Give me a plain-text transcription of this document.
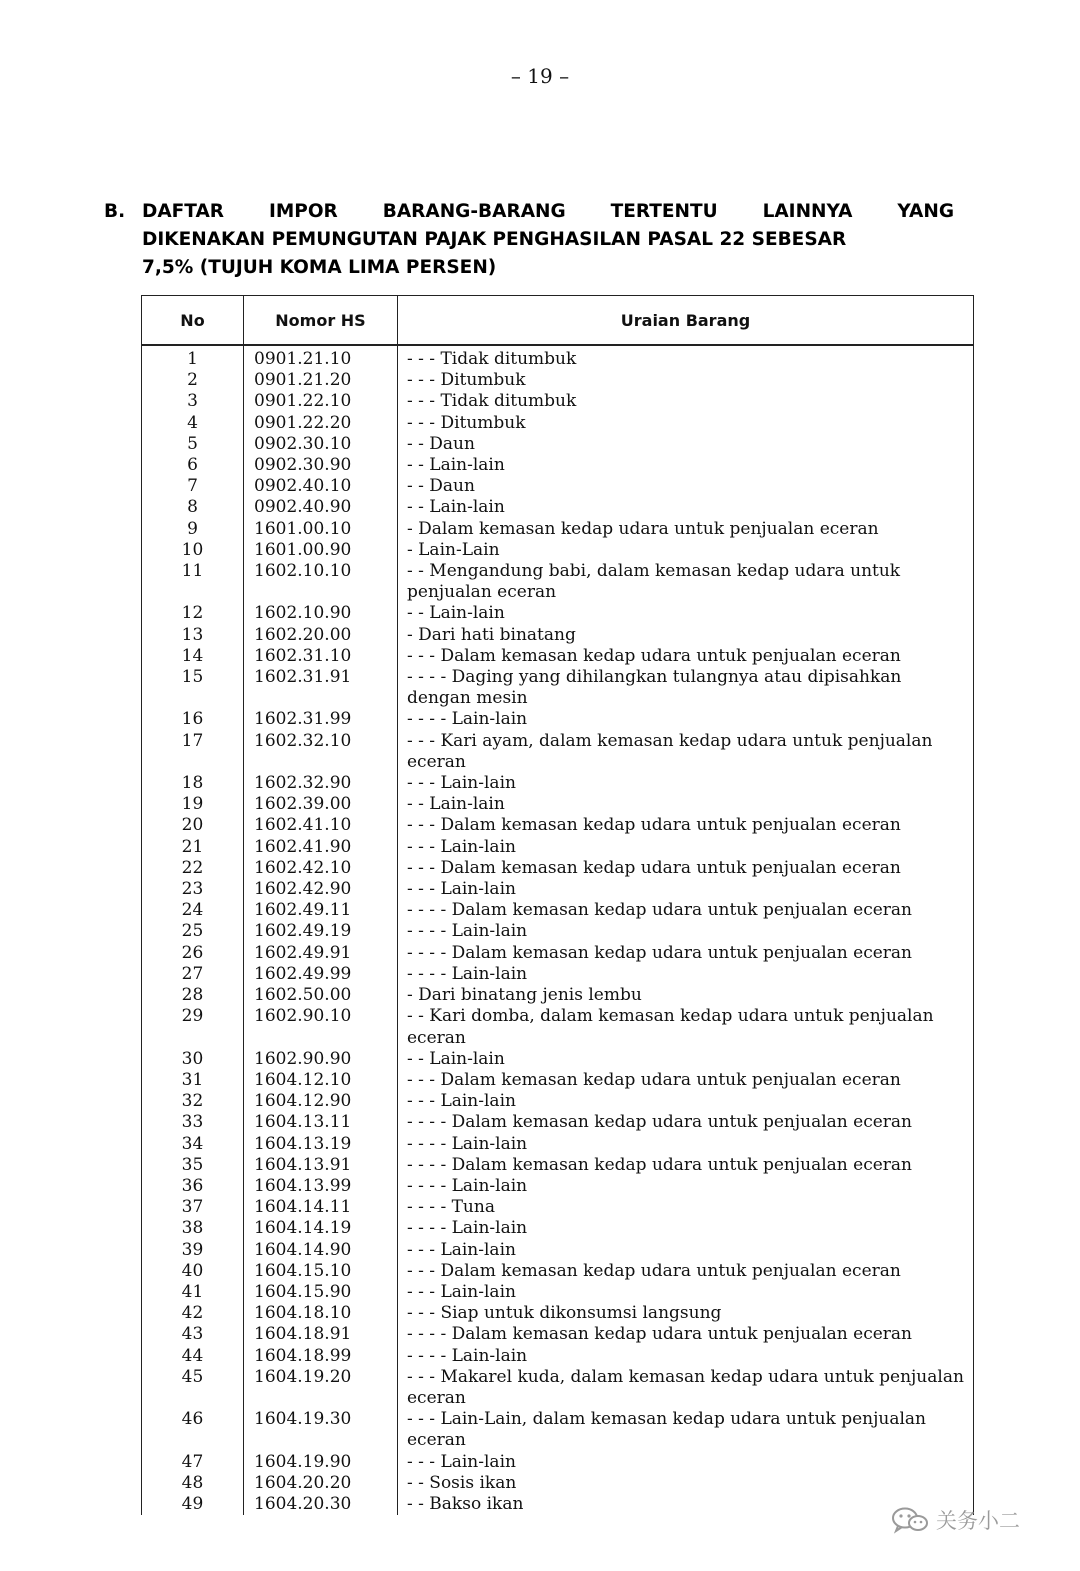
– 19 –
B. DAFTAR IMPOR BARANG-BARANG TERTENTU LAINNYA YANG
DIKENAKAN PEMUNGUTAN PAJAK PENGHASILAN PASAL 22 SEBESAR
7,5% (TUJUH KOMA LIMA PERSEN)
No	Nomor HS	Uraian Barang
1	0901.21.10	- - - Tidak ditumbuk
2	0901.21.20	- - - Ditumbuk
3	0901.22.10	- - - Tidak ditumbuk
4	0901.22.20	- - - Ditumbuk
5	0902.30.10	- - Daun
6	0902.30.90	- - Lain-lain
7	0902.40.10	- - Daun
8	0902.40.90	- - Lain-lain
9	1601.00.10	- Dalam kemasan kedap udara untuk penjualan eceran
10	1601.00.90	- Lain-Lain
11	1602.10.10	- - Mengandung babi, dalam kemasan kedap udara untuk penjualan eceran
12	1602.10.90	- - Lain-lain
13	1602.20.00	- Dari hati binatang
14	1602.31.10	- - - Dalam kemasan kedap udara untuk penjualan eceran
15	1602.31.91	- - - - Daging yang dihilangkan tulangnya atau dipisahkan dengan mesin
16	1602.31.99	- - - - Lain-lain
17	1602.32.10	- - - Kari ayam, dalam kemasan kedap udara untuk penjualan eceran
18	1602.32.90	- - - Lain-lain
19	1602.39.00	- - Lain-lain
20	1602.41.10	- - - Dalam kemasan kedap udara untuk penjualan eceran
21	1602.41.90	- - - Lain-lain
22	1602.42.10	- - - Dalam kemasan kedap udara untuk penjualan eceran
23	1602.42.90	- - - Lain-lain
24	1602.49.11	- - - - Dalam kemasan kedap udara untuk penjualan eceran
25	1602.49.19	- - - - Lain-lain
26	1602.49.91	- - - - Dalam kemasan kedap udara untuk penjualan eceran
27	1602.49.99	- - - - Lain-lain
28	1602.50.00	- Dari binatang jenis lembu
29	1602.90.10	- - Kari domba, dalam kemasan kedap udara untuk penjualan eceran
30	1602.90.90	- - Lain-lain
31	1604.12.10	- - - Dalam kemasan kedap udara untuk penjualan eceran
32	1604.12.90	- - - Lain-lain
33	1604.13.11	- - - - Dalam kemasan kedap udara untuk penjualan eceran
34	1604.13.19	- - - - Lain-lain
35	1604.13.91	- - - - Dalam kemasan kedap udara untuk penjualan eceran
36	1604.13.99	- - - - Lain-lain
37	1604.14.11	- - - - Tuna
38	1604.14.19	- - - - Lain-lain
39	1604.14.90	- - - Lain-lain
40	1604.15.10	- - - Dalam kemasan kedap udara untuk penjualan eceran
41	1604.15.90	- - - Lain-lain
42	1604.18.10	- - - Siap untuk dikonsumsi langsung
43	1604.18.91	- - - - Dalam kemasan kedap udara untuk penjualan eceran
44	1604.18.99	- - - - Lain-lain
45	1604.19.20	- - - Makarel kuda, dalam kemasan kedap udara untuk penjualan eceran
46	1604.19.30	- - - Lain-Lain, dalam kemasan kedap udara untuk penjualan eceran
47	1604.19.90	- - - Lain-lain
48	1604.20.20	- - Sosis ikan
49	1604.20.30	- - Bakso ikan
关务小二
